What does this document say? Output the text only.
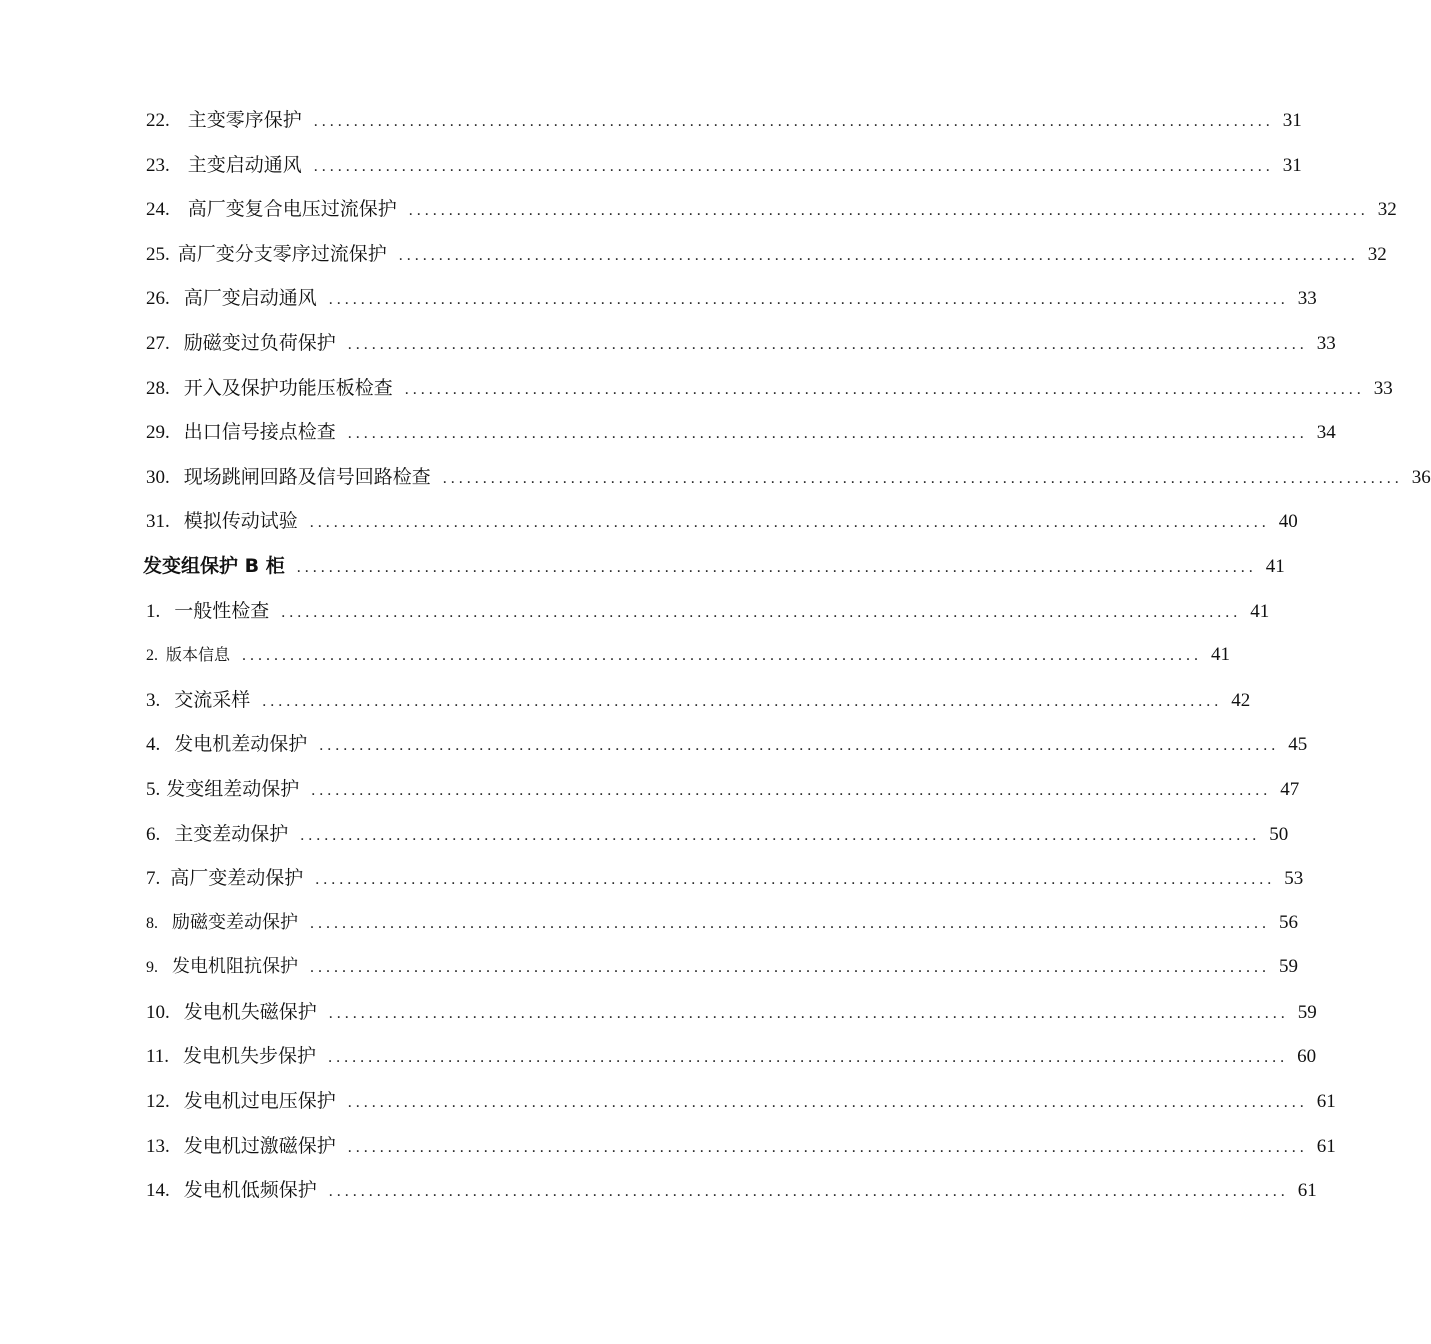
22. 主变零序保护 ........................................................................................................................ 31
23. 主变启动通风 ........................................................................................................................ 31
24. 高厂变复合电压过流保护 ........................................................................................................................ 32
25. 高厂变分支零序过流保护 ........................................................................................................................ 32
26. 高厂变启动通风 ........................................................................................................................ 33
27. 励磁变过负荷保护 ........................................................................................................................ 33
28. 开入及保护功能压板检查 ........................................................................................................................ 33
29. 出口信号接点检查 ........................................................................................................................ 34
30. 现场跳闸回路及信号回路检查 ........................................................................................................................ 36
31. 模拟传动试验 ........................................................................................................................ 40
发变组保护 B 柜 ........................................................................................................................ 41
1. 一般性检查 ........................................................................................................................ 41
2. 版本信息 ........................................................................................................................ 41
3. 交流采样 ........................................................................................................................ 42
4. 发电机差动保护 ........................................................................................................................ 45
5. 发变组差动保护 ........................................................................................................................ 47
6. 主变差动保护 ........................................................................................................................ 50
7. 高厂变差动保护 ........................................................................................................................ 53
8. 励磁变差动保护 ........................................................................................................................ 56
9. 发电机阻抗保护 ........................................................................................................................ 59
10. 发电机失磁保护 ........................................................................................................................ 59
11. 发电机失步保护 ........................................................................................................................ 60
12. 发电机过电压保护 ........................................................................................................................ 61
13. 发电机过激磁保护 ........................................................................................................................ 61
14. 发电机低频保护 ........................................................................................................................ 61
